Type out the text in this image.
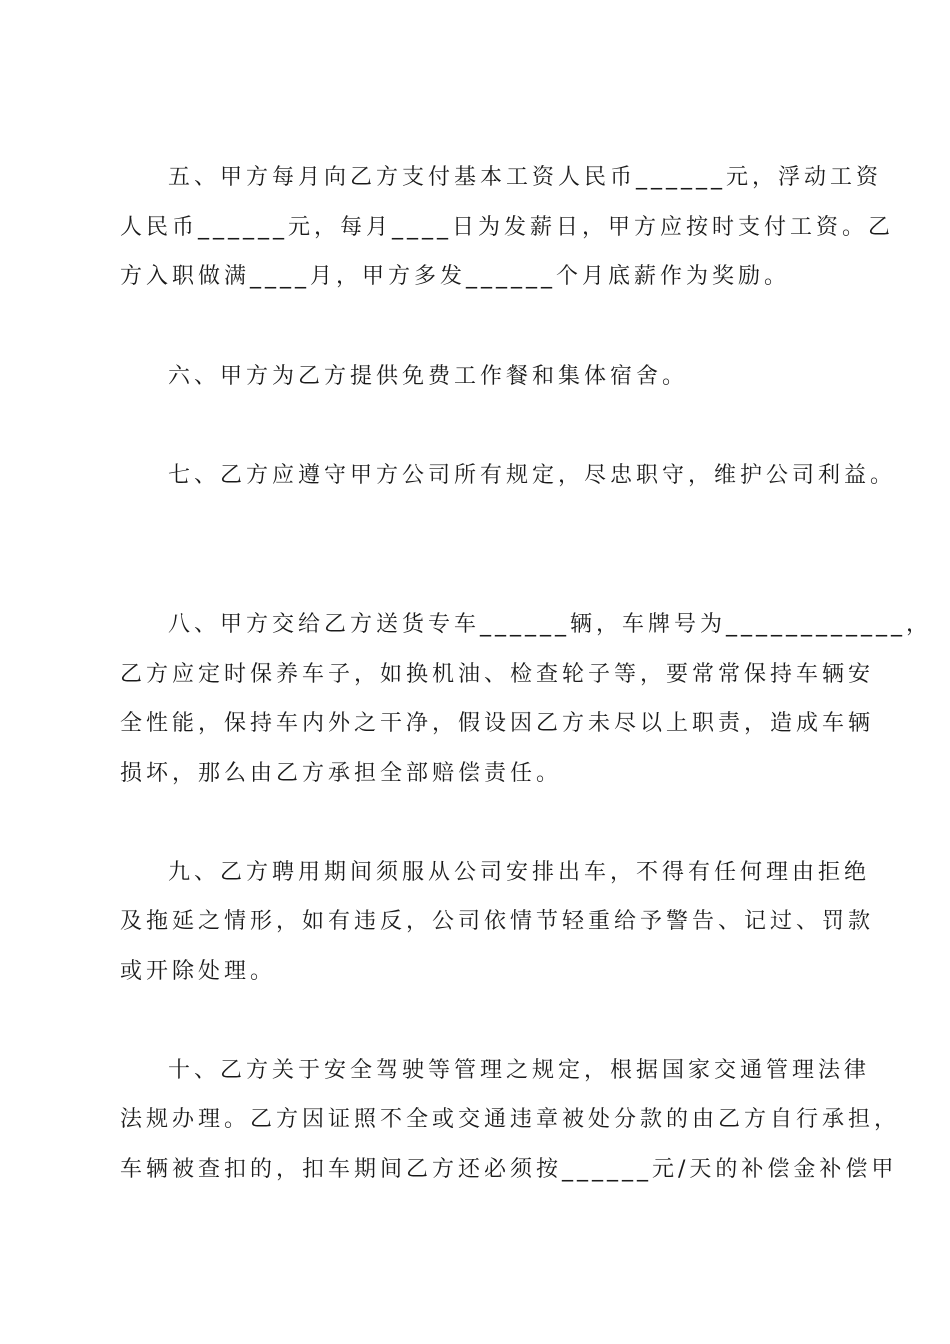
五、甲方每月向乙方支付基本工资人民币______元，浮动工资
人民币______元，每月____日为发薪日，甲方应按时支付工资。乙
方入职做满____月，甲方多发______个月底薪作为奖励。
六、甲方为乙方提供免费工作餐和集体宿舍。
七、乙方应遵守甲方公司所有规定，尽忠职守，维护公司利益。
八、甲方交给乙方送货专车______辆，车牌号为____________，
乙方应定时保养车子，如换机油、检查轮子等，要常常保持车辆安
全性能，保持车内外之干净，假设因乙方未尽以上职责，造成车辆
损坏，那么由乙方承担全部赔偿责任。
九、乙方聘用期间须服从公司安排出车，不得有任何理由拒绝
及拖延之情形，如有违反，公司依情节轻重给予警告、记过、罚款
或开除处理。
十、乙方关于安全驾驶等管理之规定，根据国家交通管理法律
法规办理。乙方因证照不全或交通违章被处分款的由乙方自行承担，
车辆被查扣的，扣车期间乙方还必须按______元/天的补偿金补偿甲
